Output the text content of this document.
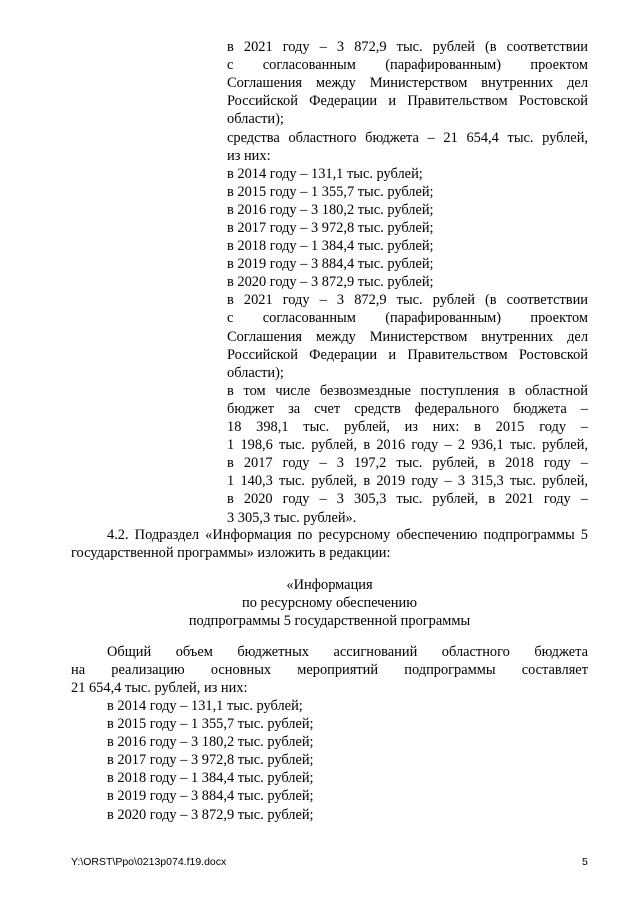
в 2021 году – 3 872,9 тыс. рублей (в соответствии
с согласованным (парафированным) проектом
Соглашения между Министерством внутренних дел
Российской Федерации и Правительством Ростовской
области);
средства областного бюджета – 21 654,4 тыс. рублей,
из них:
в 2014 году – 131,1 тыс. рублей;
в 2015 году – 1 355,7 тыс. рублей;
в 2016 году – 3 180,2 тыс. рублей;
в 2017 году – 3 972,8 тыс. рублей;
в 2018 году – 1 384,4 тыс. рублей;
в 2019 году – 3 884,4 тыс. рублей;
в 2020 году – 3 872,9 тыс. рублей;
в 2021 году – 3 872,9 тыс. рублей (в соответствии
с согласованным (парафированным) проектом
Соглашения между Министерством внутренних дел
Российской Федерации и Правительством Ростовской
области);
в том числе безвозмездные поступления в областной
бюджет за счет средств федерального бюджета –
18 398,1 тыс. рублей, из них: в 2015 году –
1 198,6 тыс. рублей, в 2016 году – 2 936,1 тыс. рублей,
в 2017 году – 3 197,2 тыс. рублей, в 2018 году –
1 140,3 тыс. рублей, в 2019 году – 3 315,3 тыс. рублей,
в 2020 году – 3 305,3 тыс. рублей, в 2021 году –
3 305,3 тыс. рублей».
4.2. Подраздел «Информация по ресурсному обеспечению подпрограммы 5
государственной программы» изложить в редакции:
«Информация
по ресурсному обеспечению
подпрограммы 5 государственной программы
Общий объем бюджетных ассигнований областного бюджета
на реализацию основных мероприятий подпрограммы составляет
21 654,4 тыс. рублей, из них:
в 2014 году – 131,1 тыс. рублей;
в 2015 году – 1 355,7 тыс. рублей;
в 2016 году – 3 180,2 тыс. рублей;
в 2017 году – 3 972,8 тыс. рублей;
в 2018 году – 1 384,4 тыс. рублей;
в 2019 году – 3 884,4 тыс. рублей;
в 2020 году – 3 872,9 тыс. рублей;
Y:\ORST\Ppo\0213p074.f19.docx	5
